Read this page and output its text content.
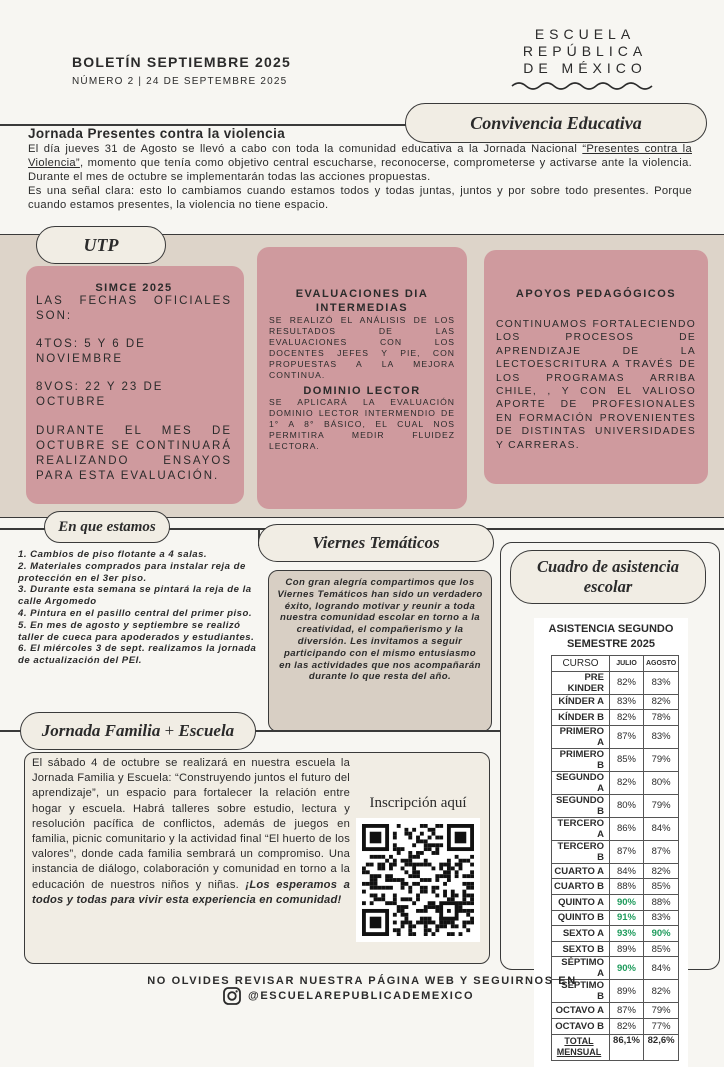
BOLETÍN SEPTIEMBRE 2025
NÚMERO 2 | 24 DE SEPTEMBRE 2025
ESCUELA
REPÚBLICA
DE MÉXICO
Convivencia Educativa
Jornada Presentes contra la violencia
El día jueves 31 de Agosto se llevó a cabo con toda la comunidad educativa a la Jornada Nacional “Presentes contra la Violencia”, momento que tenía como objetivo central escucharse, reconocerse, comprometerse y activarse ante la violencia. Durante el mes de octubre se implementarán todas las acciones propuestas.
Es una señal clara: esto lo cambiamos cuando estamos todos y todas juntas, juntos y por sobre todo presentes. Porque cuando estamos presentes, la violencia no tiene espacio.
UTP
SIMCE 2025
LAS FECHAS OFICIALES SON:
4TOS: 5 Y 6 DE NOVIEMBRE
8VOS: 22 Y 23 DE OCTUBRE
DURANTE EL MES DE OCTUBRE SE CONTINUARÁ REALIZANDO ENSAYOS PARA ESTA EVALUACIÓN.
EVALUACIONES DIA INTERMEDIAS
SE REALIZÓ EL ANÁLISIS DE LOS RESULTADOS DE LAS EVALUACIONES CON LOS DOCENTES JEFES Y PIE, CON PROPUESTAS A LA MEJORA CONTINUA.
DOMINIO LECTOR
SE APLICARÁ LA EVALUACIÓN DOMINIO LECTOR INTERMENDIO DE 1° A 8° BÁSICO, EL CUAL NOS PERMITIRA MEDIR FLUIDEZ LECTORA.
APOYOS PEDAGÓGICOS
CONTINUAMOS FORTALECIENDO LOS PROCESOS DE APRENDIZAJE DE LA LECTOESCRITURA A TRAVÉS DE LOS PROGRAMAS ARRIBA CHILE, , Y CON EL VALIOSO APORTE DE PROFESIONALES EN FORMACIÓN PROVENIENTES DE DISTINTAS UNIVERSIDADES Y CARRERAS.
En que estamos
1. Cambios de piso flotante a 4 salas.
2. Materiales comprados para instalar reja de protección en el 3er piso.
3. Durante esta semana se pintará la reja de la calle Argomedo
4. Pintura en el pasillo central del primer piso.
5. En mes de agosto y septiembre se realizó taller de cueca para apoderados y estudiantes.
6. El miércoles 3 de sept. realizamos la jornada de actualización del PEI.
Viernes Temáticos
Con gran alegría compartimos que los Viernes Temáticos han sido un verdadero éxito, logrando motivar y reunir a toda nuestra comunidad escolar en torno a la creatividad, el compañerismo y la diversión. Les invitamos a seguir participando con el mismo entusiasmo en las actividades que nos acompañarán durante lo que resta del año.
Cuadro de asistencia escolar
ASISTENCIA SEGUNDO SEMESTRE 2025
CURSO	JULIO	AGOSTO
PRE KINDER	82%	83%
KÍNDER A	83%	82%
KÍNDER B	82%	78%
PRIMERO A	87%	83%
PRIMERO B	85%	79%
SEGUNDO A	82%	80%
SEGUNDO B	80%	79%
TERCERO A	86%	84%
TERCERO B	87%	87%
CUARTO A	84%	82%
CUARTO B	88%	85%
QUINTO A	90%	88%
QUINTO B	91%	83%
SEXTO A	93%	90%
SEXTO B	89%	85%
SÉPTIMO A	90%	84%
SÉPTIMO B	89%	82%
OCTAVO A	87%	79%
OCTAVO B	82%	77%
TOTAL MENSUAL	86,1%	82,6%
Jornada Familia
+
Escuela
El sábado 4 de octubre se realizará en nuestra escuela la Jornada Familia y Escuela: “Construyendo juntos el futuro del aprendizaje”, un espacio para fortalecer la relación entre hogar y escuela. Habrá talleres sobre estudio, lectura y resolución pacífica de conflictos, además de juegos en familia, picnic comunitario y la actividad final “El huerto de los valores”, donde cada familia sembrará un compromiso. Una instancia de diálogo, colaboración y comunidad en torno a la educación de nuestros niños y niñas. ¡Los esperamos a todos y todas para vivir esta experiencia en comunidad!
Inscripción aquí
NO OLVIDES REVISAR NUESTRA PÁGINA WEB Y SEGUIRNOS EN
@ESCUELAREPUBLICADEMEXICO
